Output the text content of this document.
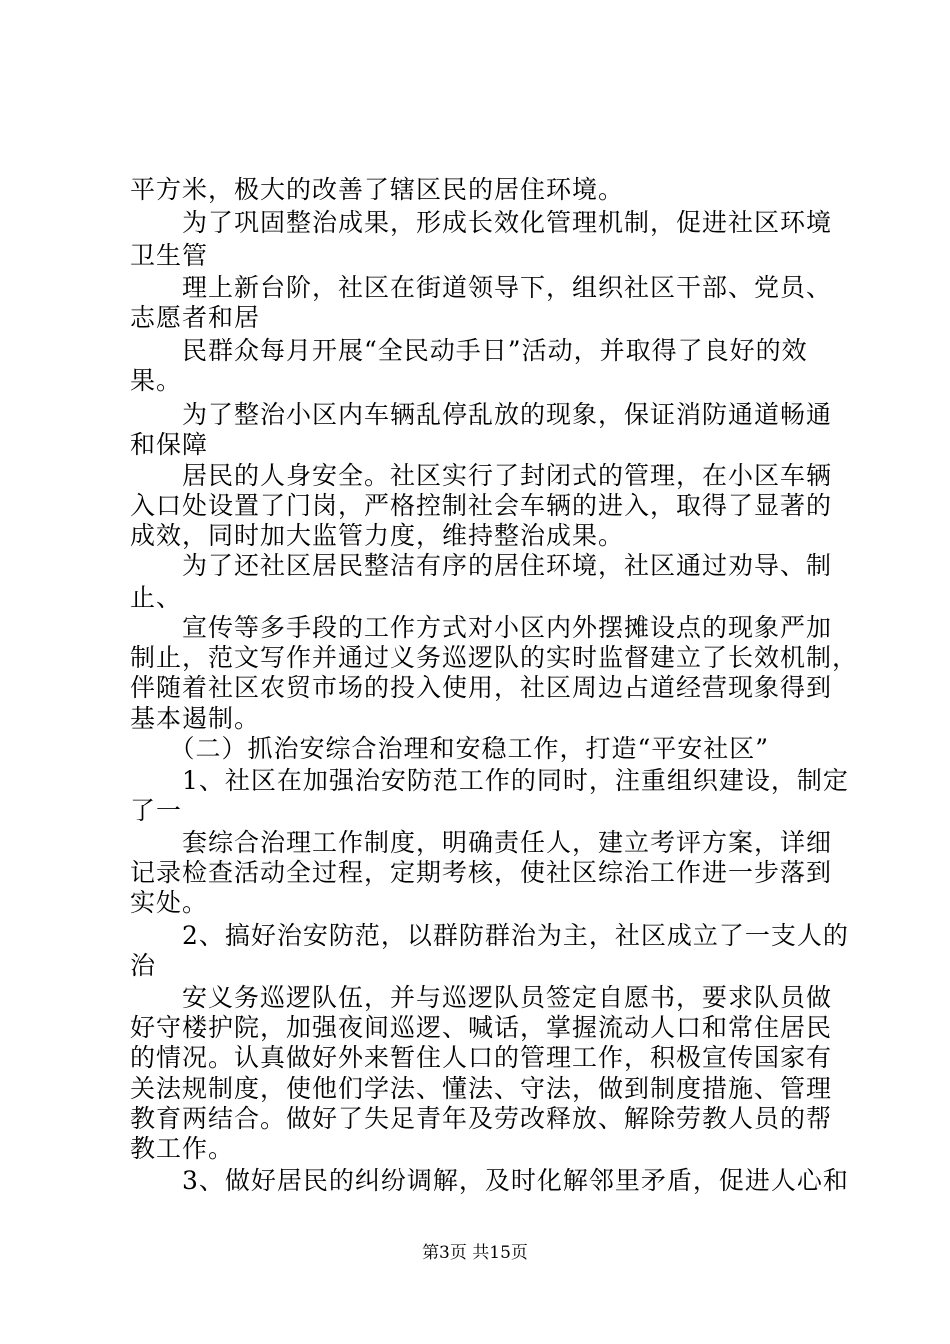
平方米，极大的改善了辖区民的居住环境。
　　为了巩固整治成果，形成长效化管理机制，促进社区环境
卫生管
　　理上新台阶，社区在街道领导下，组织社区干部、党员、
志愿者和居
　　民群众每月开展“全民动手日”活动，并取得了良好的效
果。
　　为了整治小区内车辆乱停乱放的现象，保证消防通道畅通
和保障
　　居民的人身安全。社区实行了封闭式的管理，在小区车辆
入口处设置了门岗，严格控制社会车辆的进入，取得了显著的
成效，同时加大监管力度，维持整治成果。
　　为了还社区居民整洁有序的居住环境，社区通过劝导、制
止、
　　宣传等多手段的工作方式对小区内外摆摊设点的现象严加
制止，范文写作并通过义务巡逻队的实时监督建立了长效机制，
伴随着社区农贸市场的投入使用，社区周边占道经营现象得到
基本遏制。
　　（二）抓治安综合治理和安稳工作，打造“平安社区”
　　1、社区在加强治安防范工作的同时，注重组织建设，制定
了一
　　套综合治理工作制度，明确责任人，建立考评方案，详细
记录检查活动全过程，定期考核，使社区综治工作进一步落到
实处。
　　2、搞好治安防范，以群防群治为主，社区成立了一支人的
治
　　安义务巡逻队伍，并与巡逻队员签定自愿书，要求队员做
好守楼护院，加强夜间巡逻、喊话，掌握流动人口和常住居民
的情况。认真做好外来暂住人口的管理工作，积极宣传国家有
关法规制度，使他们学法、懂法、守法，做到制度措施、管理
教育两结合。做好了失足青年及劳改释放、解除劳教人员的帮
教工作。
　　3、做好居民的纠纷调解，及时化解邻里矛盾，促进人心和
第3页 共15页
